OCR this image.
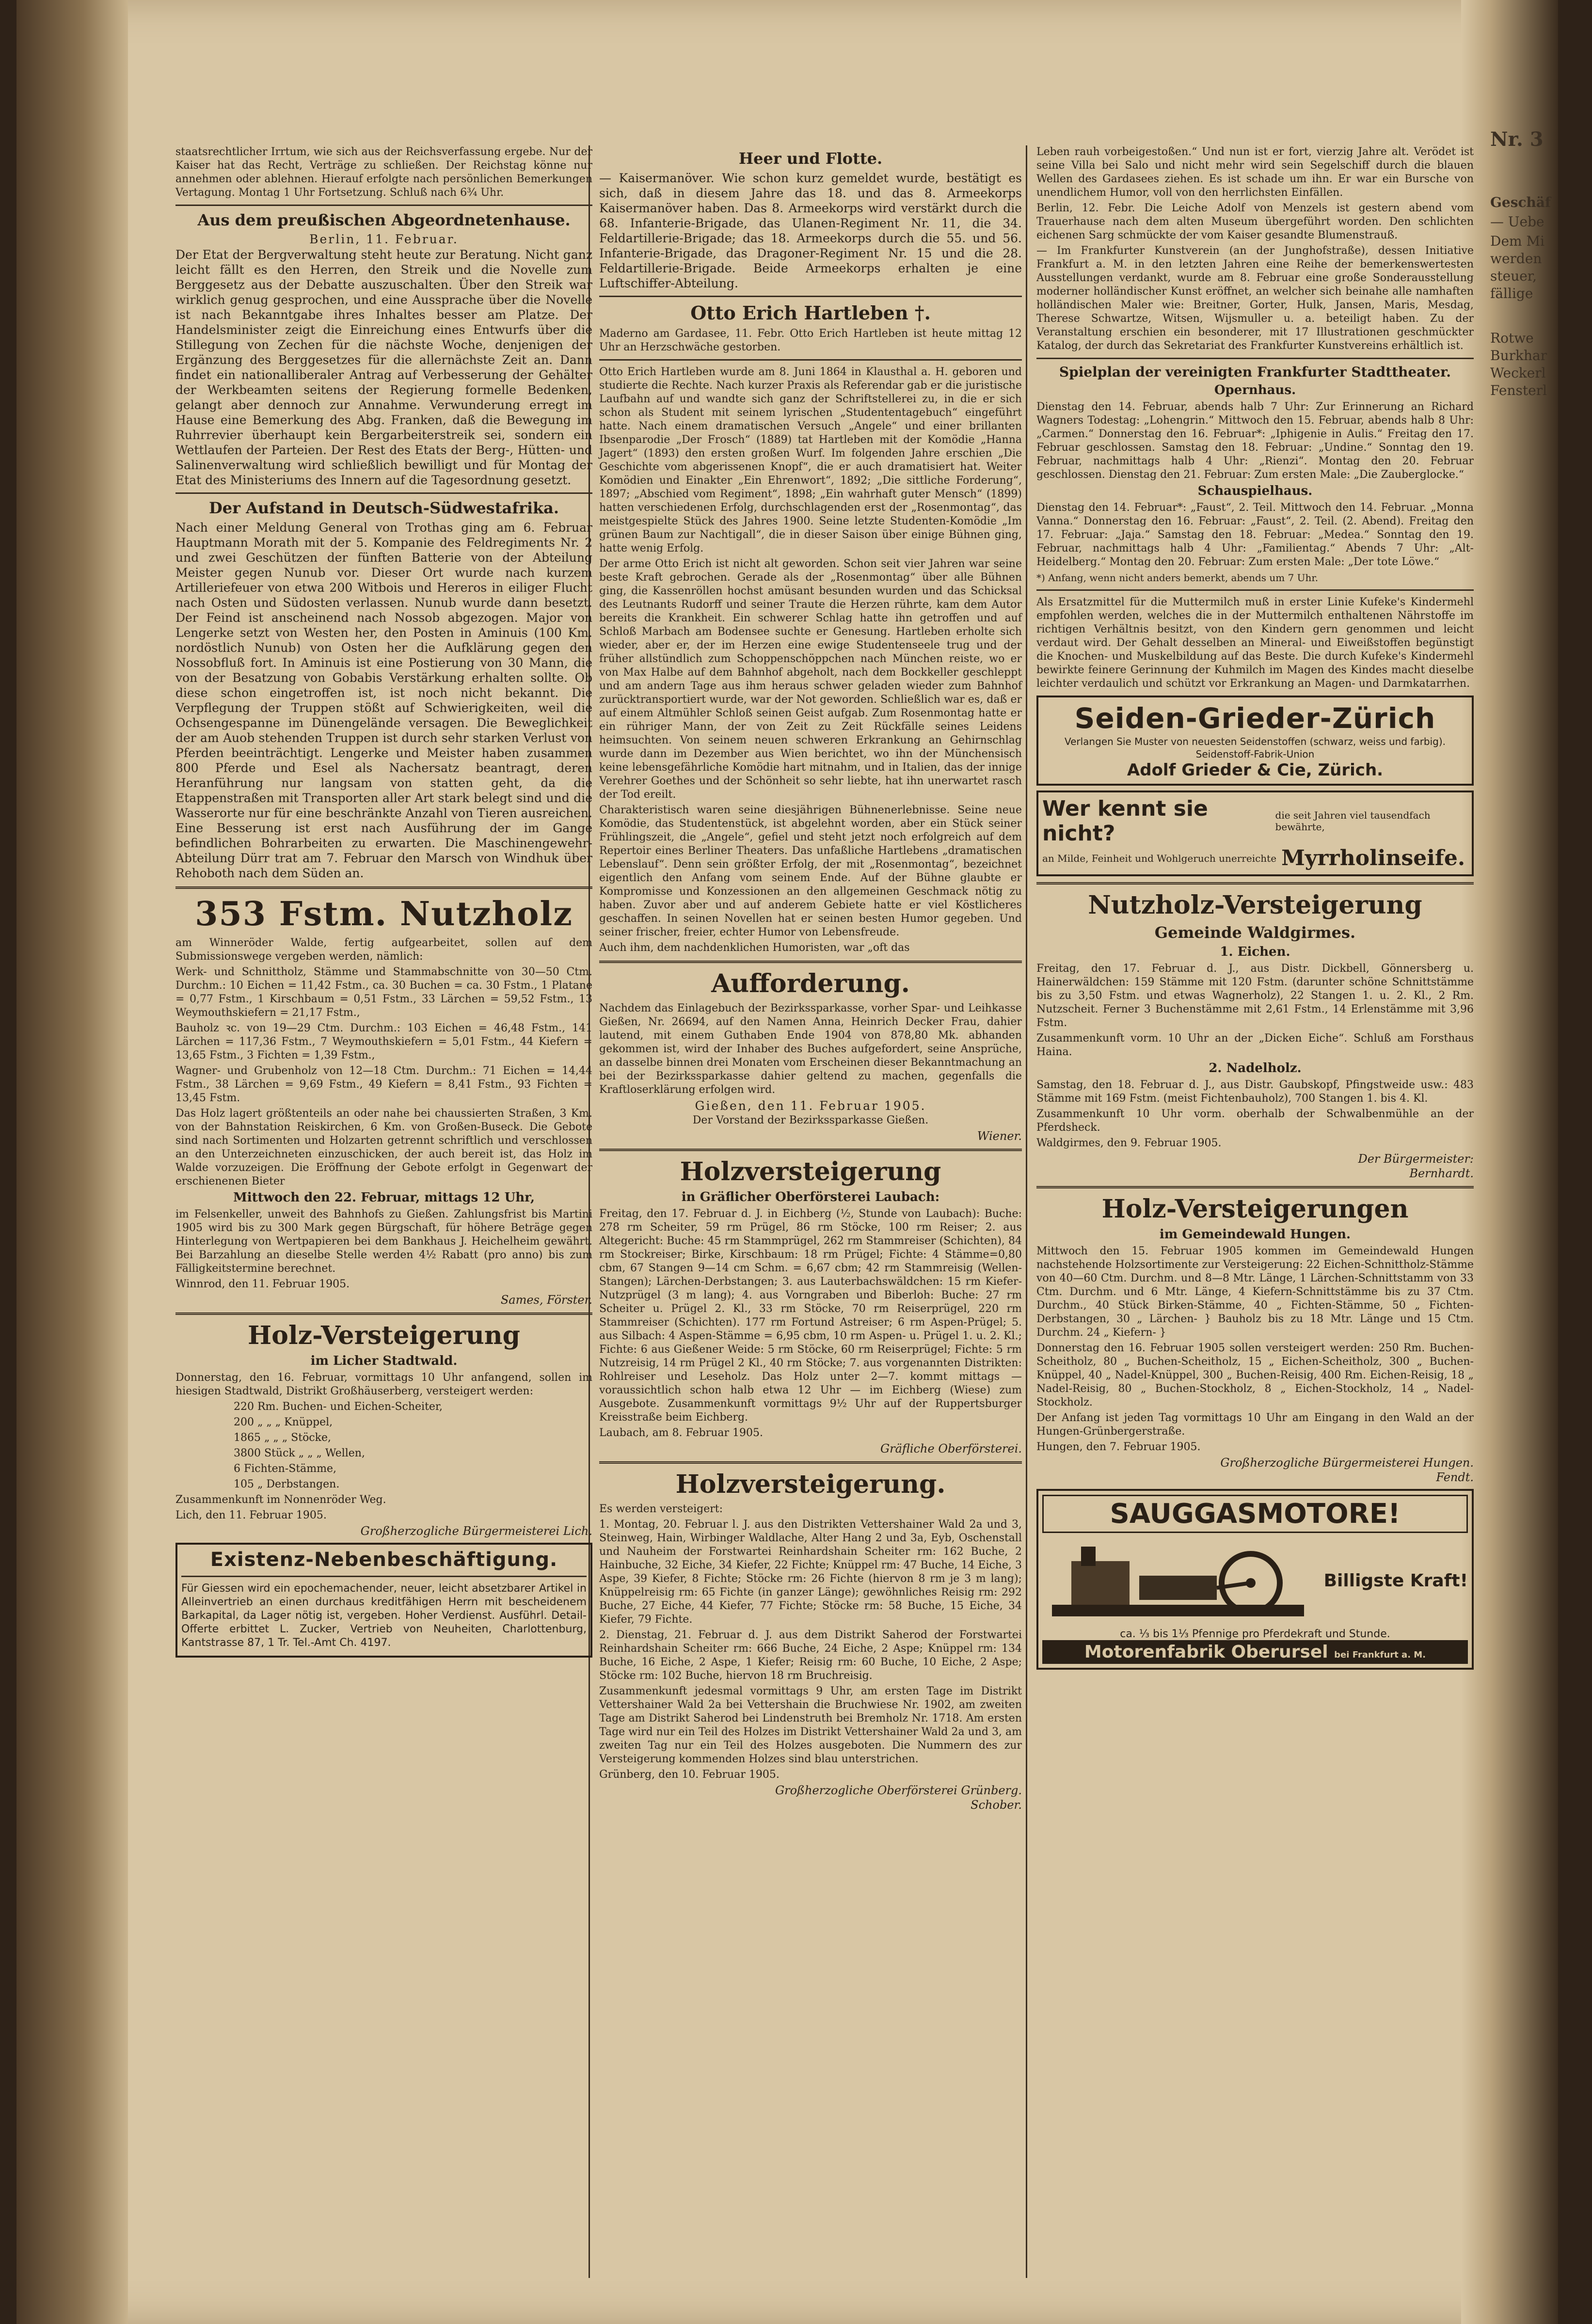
Nr. 3
Geschäf
— Uebe
Dem Mi
werden
steuer,
fällige
Rotwe
Burkhar
Weckerl
Fensterl

staatsrechtlicher Irrtum, wie sich aus der Reichsverfassung ergebe. Nur der Kaiser hat das Recht, Verträge zu schließen. Der Reichstag könne nur annehmen oder ablehnen. Hierauf erfolgte nach persönlichen Bemerkungen Vertagung. Montag 1 Uhr Fortsetzung. Schluß nach 6¾ Uhr.

Aus dem preußischen Abgeordnetenhause.
Berlin, 11. Februar.

Der Etat der Bergverwaltung steht heute zur Beratung. Nicht ganz leicht fällt es den Herren, den Streik und die Novelle zum Berggesetz aus der Debatte auszuschalten. Über den Streik war wirklich genug gesprochen, und eine Aussprache über die Novelle ist nach Bekanntgabe ihres Inhaltes besser am Platze. Der Handelsminister zeigt die Einreichung eines Entwurfs über die Stillegung von Zechen für die nächste Woche, denjenigen der Ergänzung des Berggesetzes für die allernächste Zeit an. Dann findet ein nationalliberaler Antrag auf Verbesserung der Gehälter der Werkbeamten seitens der Regierung formelle Bedenken, gelangt aber dennoch zur Annahme. Verwunderung erregt im Hause eine Bemerkung des Abg. Franken, daß die Bewegung im Ruhrrevier überhaupt kein Bergarbeiterstreik sei, sondern ein Wettlaufen der Parteien. Der Rest des Etats der Berg-, Hütten- und Salinenverwaltung wird schließlich bewilligt und für Montag der Etat des Ministeriums des Innern auf die Tagesordnung gesetzt.

Der Aufstand in Deutsch-Südwestafrika.

Nach einer Meldung General von Trothas ging am 6. Februar Hauptmann Morath mit der 5. Kompanie des Feldregiments Nr. 2 und zwei Geschützen der fünften Batterie von der Abteilung Meister gegen Nunub vor. Dieser Ort wurde nach kurzem Artilleriefeuer von etwa 200 Witbois und Hereros in eiliger Flucht nach Osten und Südosten verlassen. Nunub wurde dann besetzt. Der Feind ist anscheinend nach Nossob abgezogen. Major von Lengerke setzt von Westen her, den Posten in Aminuis (100 Km. nordöstlich Nunub) von Osten her die Aufklärung gegen den Nossobfluß fort. In Aminuis ist eine Postierung von 30 Mann, die von der Besatzung von Gobabis Verstärkung erhalten sollte. Ob diese schon eingetroffen ist, ist noch nicht bekannt. Die Verpflegung der Truppen stößt auf Schwierigkeiten, weil die Ochsengespanne im Dünengelände versagen. Die Beweglichkeit der am Auob stehenden Truppen ist durch sehr starken Verlust von Pferden beeinträchtigt. Lengerke und Meister haben zusammen 800 Pferde und Esel als Nachersatz beantragt, deren Heranführung nur langsam von statten geht, da die Etappenstraßen mit Transporten aller Art stark belegt sind und die Wasserorte nur für eine beschränkte Anzahl von Tieren ausreichen. Eine Besserung ist erst nach Ausführung der im Gange befindlichen Bohrarbeiten zu erwarten. Die Maschinengewehr-Abteilung Dürr trat am 7. Februar den Marsch von Windhuk über Rehoboth nach dem Süden an.

353 Fstm. Nutzholz

am Winneröder Walde, fertig aufgearbeitet, sollen auf dem Submissionswege vergeben werden, nämlich:

Werk- und Schnittholz, Stämme und Stammabschnitte von 30—50 Ctm. Durchm.: 10 Eichen = 11,42 Fstm., ca. 30 Buchen = ca. 30 Fstm., 1 Platane = 0,77 Fstm., 1 Kirschbaum = 0,51 Fstm., 33 Lärchen = 59,52 Fstm., 13 Weymouthskiefern = 21,17 Fstm.,

Bauholz ꝛc. von 19—29 Ctm. Durchm.: 103 Eichen = 46,48 Fstm., 141 Lärchen = 117,36 Fstm., 7 Weymouthskiefern = 5,01 Fstm., 44 Kiefern = 13,65 Fstm., 3 Fichten = 1,39 Fstm.,

Wagner- und Grubenholz von 12—18 Ctm. Durchm.: 71 Eichen = 14,44 Fstm., 38 Lärchen = 9,69 Fstm., 49 Kiefern = 8,41 Fstm., 93 Fichten = 13,45 Fstm.

Das Holz lagert größtenteils an oder nahe bei chaussierten Straßen, 3 Km. von der Bahnstation Reiskirchen, 6 Km. von Großen-Buseck. Die Gebote sind nach Sortimenten und Holzarten getrennt schriftlich und verschlossen an den Unterzeichneten einzuschicken, der auch bereit ist, das Holz im Walde vorzuzeigen. Die Eröffnung der Gebote erfolgt in Gegenwart der erschienenen Bieter

Mittwoch den 22. Februar, mittags 12 Uhr,

im Felsenkeller, unweit des Bahnhofs zu Gießen. Zahlungsfrist bis Martini 1905 wird bis zu 300 Mark gegen Bürgschaft, für höhere Beträge gegen Hinterlegung von Wertpapieren bei dem Bankhaus J. Heichelheim gewährt. Bei Barzahlung an dieselbe Stelle werden 4½ Rabatt (pro anno) bis zum Fälligkeitstermine berechnet.

Winnrod, den 11. Februar 1905.
Sames, Förster.
Holz-Versteigerung
im Licher Stadtwald.

Donnerstag, den 16. Februar, vormittags 10 Uhr anfangend, sollen im hiesigen Stadtwald, Distrikt Großhäuserberg, versteigert werden:

220 Rm. Buchen- und Eichen-Scheiter,
200 „ „ „ Knüppel,
1865 „ „ „ Stöcke,
3800 Stück „ „ „ Wellen,
6 Fichten-Stämme,
105 „ Derbstangen.
Zusammenkunft im Nonnenröder Weg.
Lich, den 11. Februar 1905.
Großherzogliche Bürgermeisterei Lich.
Existenz-Nebenbeschäftigung.

Für Giessen wird ein epochemachender, neuer, leicht absetzbarer Artikel in Alleinvertrieb an einen durchaus kreditfähigen Herrn mit bescheidenem Barkapital, da Lager nötig ist, vergeben. Hoher Verdienst. Ausführl. Detail-Offerte erbittet L. Zucker, Vertrieb von Neuheiten, Charlottenburg, Kantstrasse 87, 1 Tr. Tel.-Amt Ch. 4197.

Heer und Flotte.

— Kaisermanöver. Wie schon kurz gemeldet wurde, bestätigt es sich, daß in diesem Jahre das 18. und das 8. Armeekorps Kaisermanöver haben. Das 8. Armeekorps wird verstärkt durch die 68. Infanterie-Brigade, das Ulanen-Regiment Nr. 11, die 34. Feldartillerie-Brigade; das 18. Armeekorps durch die 55. und 56. Infanterie-Brigade, das Dragoner-Regiment Nr. 15 und die 28. Feldartillerie-Brigade. Beide Armeekorps erhalten je eine Luftschiffer-Abteilung.

Otto Erich Hartleben †.

Maderno am Gardasee, 11. Febr. Otto Erich Hartleben ist heute mittag 12 Uhr an Herzschwäche gestorben.

Otto Erich Hartleben wurde am 8. Juni 1864 in Klausthal a. H. geboren und studierte die Rechte. Nach kurzer Praxis als Referendar gab er die juristische Laufbahn auf und wandte sich ganz der Schriftstellerei zu, in die er sich schon als Student mit seinem lyrischen „Studententagebuch“ eingeführt hatte. Nach einem dramatischen Versuch „Angele“ und einer brillanten Ibsenparodie „Der Frosch“ (1889) tat Hartleben mit der Komödie „Hanna Jagert“ (1893) den ersten großen Wurf. Im folgenden Jahre erschien „Die Geschichte vom abgerissenen Knopf“, die er auch dramatisiert hat. Weiter Komödien und Einakter „Ein Ehrenwort“, 1892; „Die sittliche Forderung“, 1897; „Abschied vom Regiment“, 1898; „Ein wahrhaft guter Mensch“ (1899) hatten verschiedenen Erfolg, durchschlagenden erst der „Rosenmontag“, das meistgespielte Stück des Jahres 1900. Seine letzte Studenten-Komödie „Im grünen Baum zur Nachtigall“, die in dieser Saison über einige Bühnen ging, hatte wenig Erfolg.

Der arme Otto Erich ist nicht alt geworden. Schon seit vier Jahren war seine beste Kraft gebrochen. Gerade als der „Rosenmontag“ über alle Bühnen ging, die Kassenröllen hochst amüsant besunden wurden und das Schicksal des Leutnants Rudorff und seiner Traute die Herzen rührte, kam dem Autor bereits die Krankheit. Ein schwerer Schlag hatte ihn getroffen und auf Schloß Marbach am Bodensee suchte er Genesung. Hartleben erholte sich wieder, aber er, der im Herzen eine ewige Studentenseele trug und der früher allstündlich zum Schoppenschöppchen nach München reiste, wo er von Max Halbe auf dem Bahnhof abgeholt, nach dem Bockkeller geschleppt und am andern Tage aus ihm heraus schwer geladen wieder zum Bahnhof zurücktransportiert wurde, war der Not geworden. Schließlich war es, daß er auf einem Altmühler Schloß seinen Geist aufgab. Zum Rosenmontag hatte er ein rühriger Mann, der von Zeit zu Zeit Rückfälle seines Leidens heimsuchten. Von seinem neuen schweren Erkrankung an Gehirnschlag wurde dann im Dezember aus Wien berichtet, wo ihn der Münchensisch keine lebensgefährliche Komödie hart mitnahm, und in Italien, das der innige Verehrer Goethes und der Schönheit so sehr liebte, hat ihn unerwartet rasch der Tod ereilt.

Charakteristisch waren seine diesjährigen Bühnenerlebnisse. Seine neue Komödie, das Studentenstück, ist abgelehnt worden, aber ein Stück seiner Frühlingszeit, die „Angele“, gefiel und steht jetzt noch erfolgreich auf dem Repertoir eines Berliner Theaters. Das unfaßliche Hartlebens „dramatischen Lebenslauf“. Denn sein größter Erfolg, der mit „Rosenmontag“, bezeichnet eigentlich den Anfang vom seinem Ende. Auf der Bühne glaubte er Kompromisse und Konzessionen an den allgemeinen Geschmack nötig zu haben. Zuvor aber und auf anderem Gebiete hatte er viel Köstlicheres geschaffen. In seinen Novellen hat er seinen besten Humor gegeben. Und seiner frischer, freier, echter Humor von Lebensfreude.

Auch ihm, dem nachdenklichen Humoristen, war „oft das

Aufforderung.

Nachdem das Einlagebuch der Bezirkssparkasse, vorher Spar- und Leihkasse Gießen, Nr. 26694, auf den Namen Anna, Heinrich Decker Frau, dahier lautend, mit einem Guthaben Ende 1904 von 878,80 Mk. abhanden gekommen ist, wird der Inhaber des Buches aufgefordert, seine Ansprüche, an dasselbe binnen drei Monaten vom Erscheinen dieser Bekanntmachung an bei der Bezirkssparkasse dahier geltend zu machen, gegenfalls die Kraftloserklärung erfolgen wird.

Gießen, den 11. Februar 1905.
Der Vorstand der Bezirkssparkasse Gießen.
Wiener.
Holzversteigerung
in Gräflicher Oberförsterei Laubach:

Freitag, den 17. Februar d. J. in Eichberg (½, Stunde von Laubach): Buche: 278 rm Scheiter, 59 rm Prügel, 86 rm Stöcke, 100 rm Reiser; 2. aus Altegericht: Buche: 45 rm Stammprügel, 262 rm Stammreiser (Schichten), 84 rm Stockreiser; Birke, Kirschbaum: 18 rm Prügel; Fichte: 4 Stämme=0,80 cbm, 67 Stangen 9—14 cm Schm. = 6,67 cbm; 42 rm Stammreisig (Wellen-Stangen); Lärchen-Derbstangen; 3. aus Lauterbachswäldchen: 15 rm Kiefer-Nutzprügel (3 m lang); 4. aus Vorngraben und Biberloh: Buche: 27 rm Scheiter u. Prügel 2. Kl., 33 rm Stöcke, 70 rm Reiserprügel, 220 rm Stammreiser (Schichten). 177 rm Fortund Astreiser; 6 rm Aspen-Prügel; 5. aus Silbach: 4 Aspen-Stämme = 6,95 cbm, 10 rm Aspen- u. Prügel 1. u. 2. Kl.; Fichte: 6 aus Gießener Weide: 5 rm Stöcke, 60 rm Reiserprügel; Fichte: 5 rm Nutzreisig, 14 rm Prügel 2 Kl., 40 rm Stöcke; 7. aus vorgenannten Distrikten: Rohlreiser und Leseholz. Das Holz unter 2—7. kommt mittags — voraussichtlich schon halb etwa 12 Uhr — im Eichberg (Wiese) zum Ausgebote. Zusammenkunft vormittags 9½ Uhr auf der Ruppertsburger Kreisstraße beim Eichberg.

Laubach, am 8. Februar 1905.
Gräfliche Oberförsterei.
Holzversteigerung.

Es werden versteigert:

1. Montag, 20. Februar l. J. aus den Distrikten Vettershainer Wald 2a und 3, Steinweg, Hain, Wirbinger Waldlache, Alter Hang 2 und 3a, Eyb, Oschenstall und Nauheim der Forstwartei Reinhardshain Scheiter rm: 162 Buche, 2 Hainbuche, 32 Eiche, 34 Kiefer, 22 Fichte; Knüppel rm: 47 Buche, 14 Eiche, 3 Aspe, 39 Kiefer, 8 Fichte; Stöcke rm: 26 Fichte (hiervon 8 rm je 3 m lang); Knüppelreisig rm: 65 Fichte (in ganzer Länge); gewöhnliches Reisig rm: 292 Buche, 27 Eiche, 44 Kiefer, 77 Fichte; Stöcke rm: 58 Buche, 15 Eiche, 34 Kiefer, 79 Fichte.

2. Dienstag, 21. Februar d. J. aus dem Distrikt Saherod der Forstwartei Reinhardshain Scheiter rm: 666 Buche, 24 Eiche, 2 Aspe; Knüppel rm: 134 Buche, 16 Eiche, 2 Aspe, 1 Kiefer; Reisig rm: 60 Buche, 10 Eiche, 2 Aspe; Stöcke rm: 102 Buche, hiervon 18 rm Bruchreisig.

Zusammenkunft jedesmal vormittags 9 Uhr, am ersten Tage im Distrikt Vettershainer Wald 2a bei Vettershain die Bruchwiese Nr. 1902, am zweiten Tage am Distrikt Saherod bei Lindenstruth bei Bremholz Nr. 1718. Am ersten Tage wird nur ein Teil des Holzes im Distrikt Vettershainer Wald 2a und 3, am zweiten Tag nur ein Teil des Holzes ausgeboten. Die Nummern des zur Versteigerung kommenden Holzes sind blau unterstrichen.

Grünberg, den 10. Februar 1905.
Großherzogliche Oberförsterei Grünberg.
Schober.

Leben rauh vorbeigestoßen.“ Und nun ist er fort, vierzig Jahre alt. Verödet ist seine Villa bei Salo und nicht mehr wird sein Segelschiff durch die blauen Wellen des Gardasees ziehen. Es ist schade um ihn. Er war ein Bursche von unendlichem Humor, voll von den herrlichsten Einfällen.

Berlin, 12. Febr. Die Leiche Adolf von Menzels ist gestern abend vom Trauerhause nach dem alten Museum übergeführt worden. Den schlichten eichenen Sarg schmückte der vom Kaiser gesandte Blumenstrauß.

— Im Frankfurter Kunstverein (an der Junghofstraße), dessen Initiative Frankfurt a. M. in den letzten Jahren eine Reihe der bemerkenswertesten Ausstellungen verdankt, wurde am 8. Februar eine große Sonderausstellung moderner holländischer Kunst eröffnet, an welcher sich beinahe alle namhaften holländischen Maler wie: Breitner, Gorter, Hulk, Jansen, Maris, Mesdag, Therese Schwartze, Witsen, Wijsmuller u. a. beteiligt haben. Zu der Veranstaltung erschien ein besonderer, mit 17 Illustrationen geschmückter Katalog, der durch das Sekretariat des Frankfurter Kunstvereins erhältlich ist.

Spielplan der vereinigten Frankfurter Stadttheater.
Opernhaus.

Dienstag den 14. Februar, abends halb 7 Uhr: Zur Erinnerung an Richard Wagners Todestag: „Lohengrin.“ Mittwoch den 15. Februar, abends halb 8 Uhr: „Carmen.“ Donnerstag den 16. Februar*: „Iphigenie in Aulis.“ Freitag den 17. Februar geschlossen. Samstag den 18. Februar: „Undine.“ Sonntag den 19. Februar, nachmittags halb 4 Uhr: „Rienzi“. Montag den 20. Februar geschlossen. Dienstag den 21. Februar: Zum ersten Male: „Die Zauberglocke.“

Schauspielhaus.

Dienstag den 14. Februar*: „Faust“, 2. Teil. Mittwoch den 14. Februar. „Monna Vanna.“ Donnerstag den 16. Februar: „Faust“, 2. Teil. (2. Abend). Freitag den 17. Februar: „Jaja.“ Samstag den 18. Februar: „Medea.“ Sonntag den 19. Februar, nachmittags halb 4 Uhr: „Familientag.“ Abends 7 Uhr: „Alt-Heidelberg.“ Montag den 20. Februar: Zum ersten Male: „Der tote Löwe.“

*) Anfang, wenn nicht anders bemerkt, abends um 7 Uhr.

Als Ersatzmittel für die Muttermilch muß in erster Linie Kufeke's Kindermehl empfohlen werden, welches die in der Muttermilch enthaltenen Nährstoffe im richtigen Verhältnis besitzt, von den Kindern gern genommen und leicht verdaut wird. Der Gehalt desselben an Mineral- und Eiweißstoffen begünstigt die Knochen- und Muskelbildung auf das Beste. Die durch Kufeke's Kindermehl bewirkte feinere Gerinnung der Kuhmilch im Magen des Kindes macht dieselbe leichter verdaulich und schützt vor Erkrankung an Magen- und Darmkatarrhen.

Seiden-Grieder-Zürich
Verlangen Sie Muster von neuesten Seidenstoffen (schwarz, weiss und farbig).
Seidenstoff-Fabrik-Union
Adolf Grieder & Cie, Zürich.
Wer kennt sie nicht?
die seit Jahren viel tausendfach bewährte,
an Milde, Feinheit und Wohlgeruch unerreichte Myrrholinseife.
Nutzholz-Versteigerung
Gemeinde Waldgirmes.
1. Eichen.

Freitag, den 17. Februar d. J., aus Distr. Dickbell, Gönnersberg u. Hainerwäldchen: 159 Stämme mit 120 Fstm. (darunter schöne Schnittstämme bis zu 3,50 Fstm. und etwas Wagnerholz), 22 Stangen 1. u. 2. Kl., 2 Rm. Nutzscheit. Ferner 3 Buchenstämme mit 2,61 Fstm., 14 Erlenstämme mit 3,96 Fstm.

Zusammenkunft vorm. 10 Uhr an der „Dicken Eiche“. Schluß am Forsthaus Haina.

2. Nadelholz.

Samstag, den 18. Februar d. J., aus Distr. Gaubskopf, Pfingstweide usw.: 483 Stämme mit 169 Fstm. (meist Fichtenbauholz), 700 Stangen 1. bis 4. Kl.

Zusammenkunft 10 Uhr vorm. oberhalb der Schwalbenmühle an der Pferdsheck.

Waldgirmes, den 9. Februar 1905.
Der Bürgermeister:
Bernhardt.
Holz-Versteigerungen
im Gemeindewald Hungen.

Mittwoch den 15. Februar 1905 kommen im Gemeindewald Hungen nachstehende Holzsortimente zur Versteigerung: 22 Eichen-Schnittholz-Stämme von 40—60 Ctm. Durchm. und 8—8 Mtr. Länge, 1 Lärchen-Schnittstamm von 33 Ctm. Durchm. und 6 Mtr. Länge, 4 Kiefern-Schnittstämme bis zu 37 Ctm. Durchm., 40 Stück Birken-Stämme, 40 „ Fichten-Stämme, 50 „ Fichten-Derbstangen, 30 „ Lärchen- } Bauholz bis zu 18 Mtr. Länge und 15 Ctm. Durchm. 24 „ Kiefern- }

Donnerstag den 16. Februar 1905 sollen versteigert werden: 250 Rm. Buchen-Scheitholz, 80 „ Buchen-Scheitholz, 15 „ Eichen-Scheitholz, 300 „ Buchen-Knüppel, 40 „ Nadel-Knüppel, 300 „ Buchen-Reisig, 400 Rm. Eichen-Reisig, 18 „ Nadel-Reisig, 80 „ Buchen-Stockholz, 8 „ Eichen-Stockholz, 14 „ Nadel-Stockholz.

Der Anfang ist jeden Tag vormittags 10 Uhr am Eingang in den Wald an der Hungen-Grünbergerstraße.

Hungen, den 7. Februar 1905.
Großherzogliche Bürgermeisterei Hungen.
Fendt.
SAUGGASMOTORE!
Billigste Kraft!
ca. ⅓ bis 1⅓ Pfennige pro Pferdekraft und Stunde.
Motorenfabrik Oberursel bei Frankfurt a. M.
